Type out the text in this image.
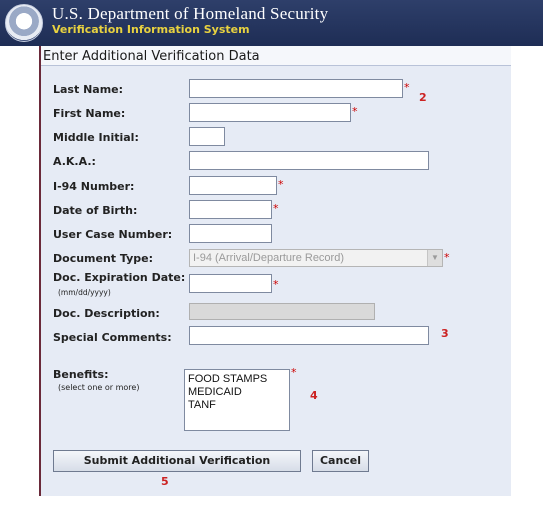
U.S. Department of Homeland Security
Verification Information System
Enter Additional Verification Data
Last Name:	*
2
First Name:	*
Middle Initial:
A.K.A.:
I-94 Number:	*
Date of Birth:	*
User Case Number:
Document Type:	I-94 (Arrival/Departure Record)	▼ *
Doc. Expiration Date:
(mm/dd/yyyy)
*
Doc. Description:
Special Comments:	3
Benefits:
(select one or more)
FOOD STAMPS
MEDICAID
TANF
*
4
Submit Additional Verification	Cancel
5
